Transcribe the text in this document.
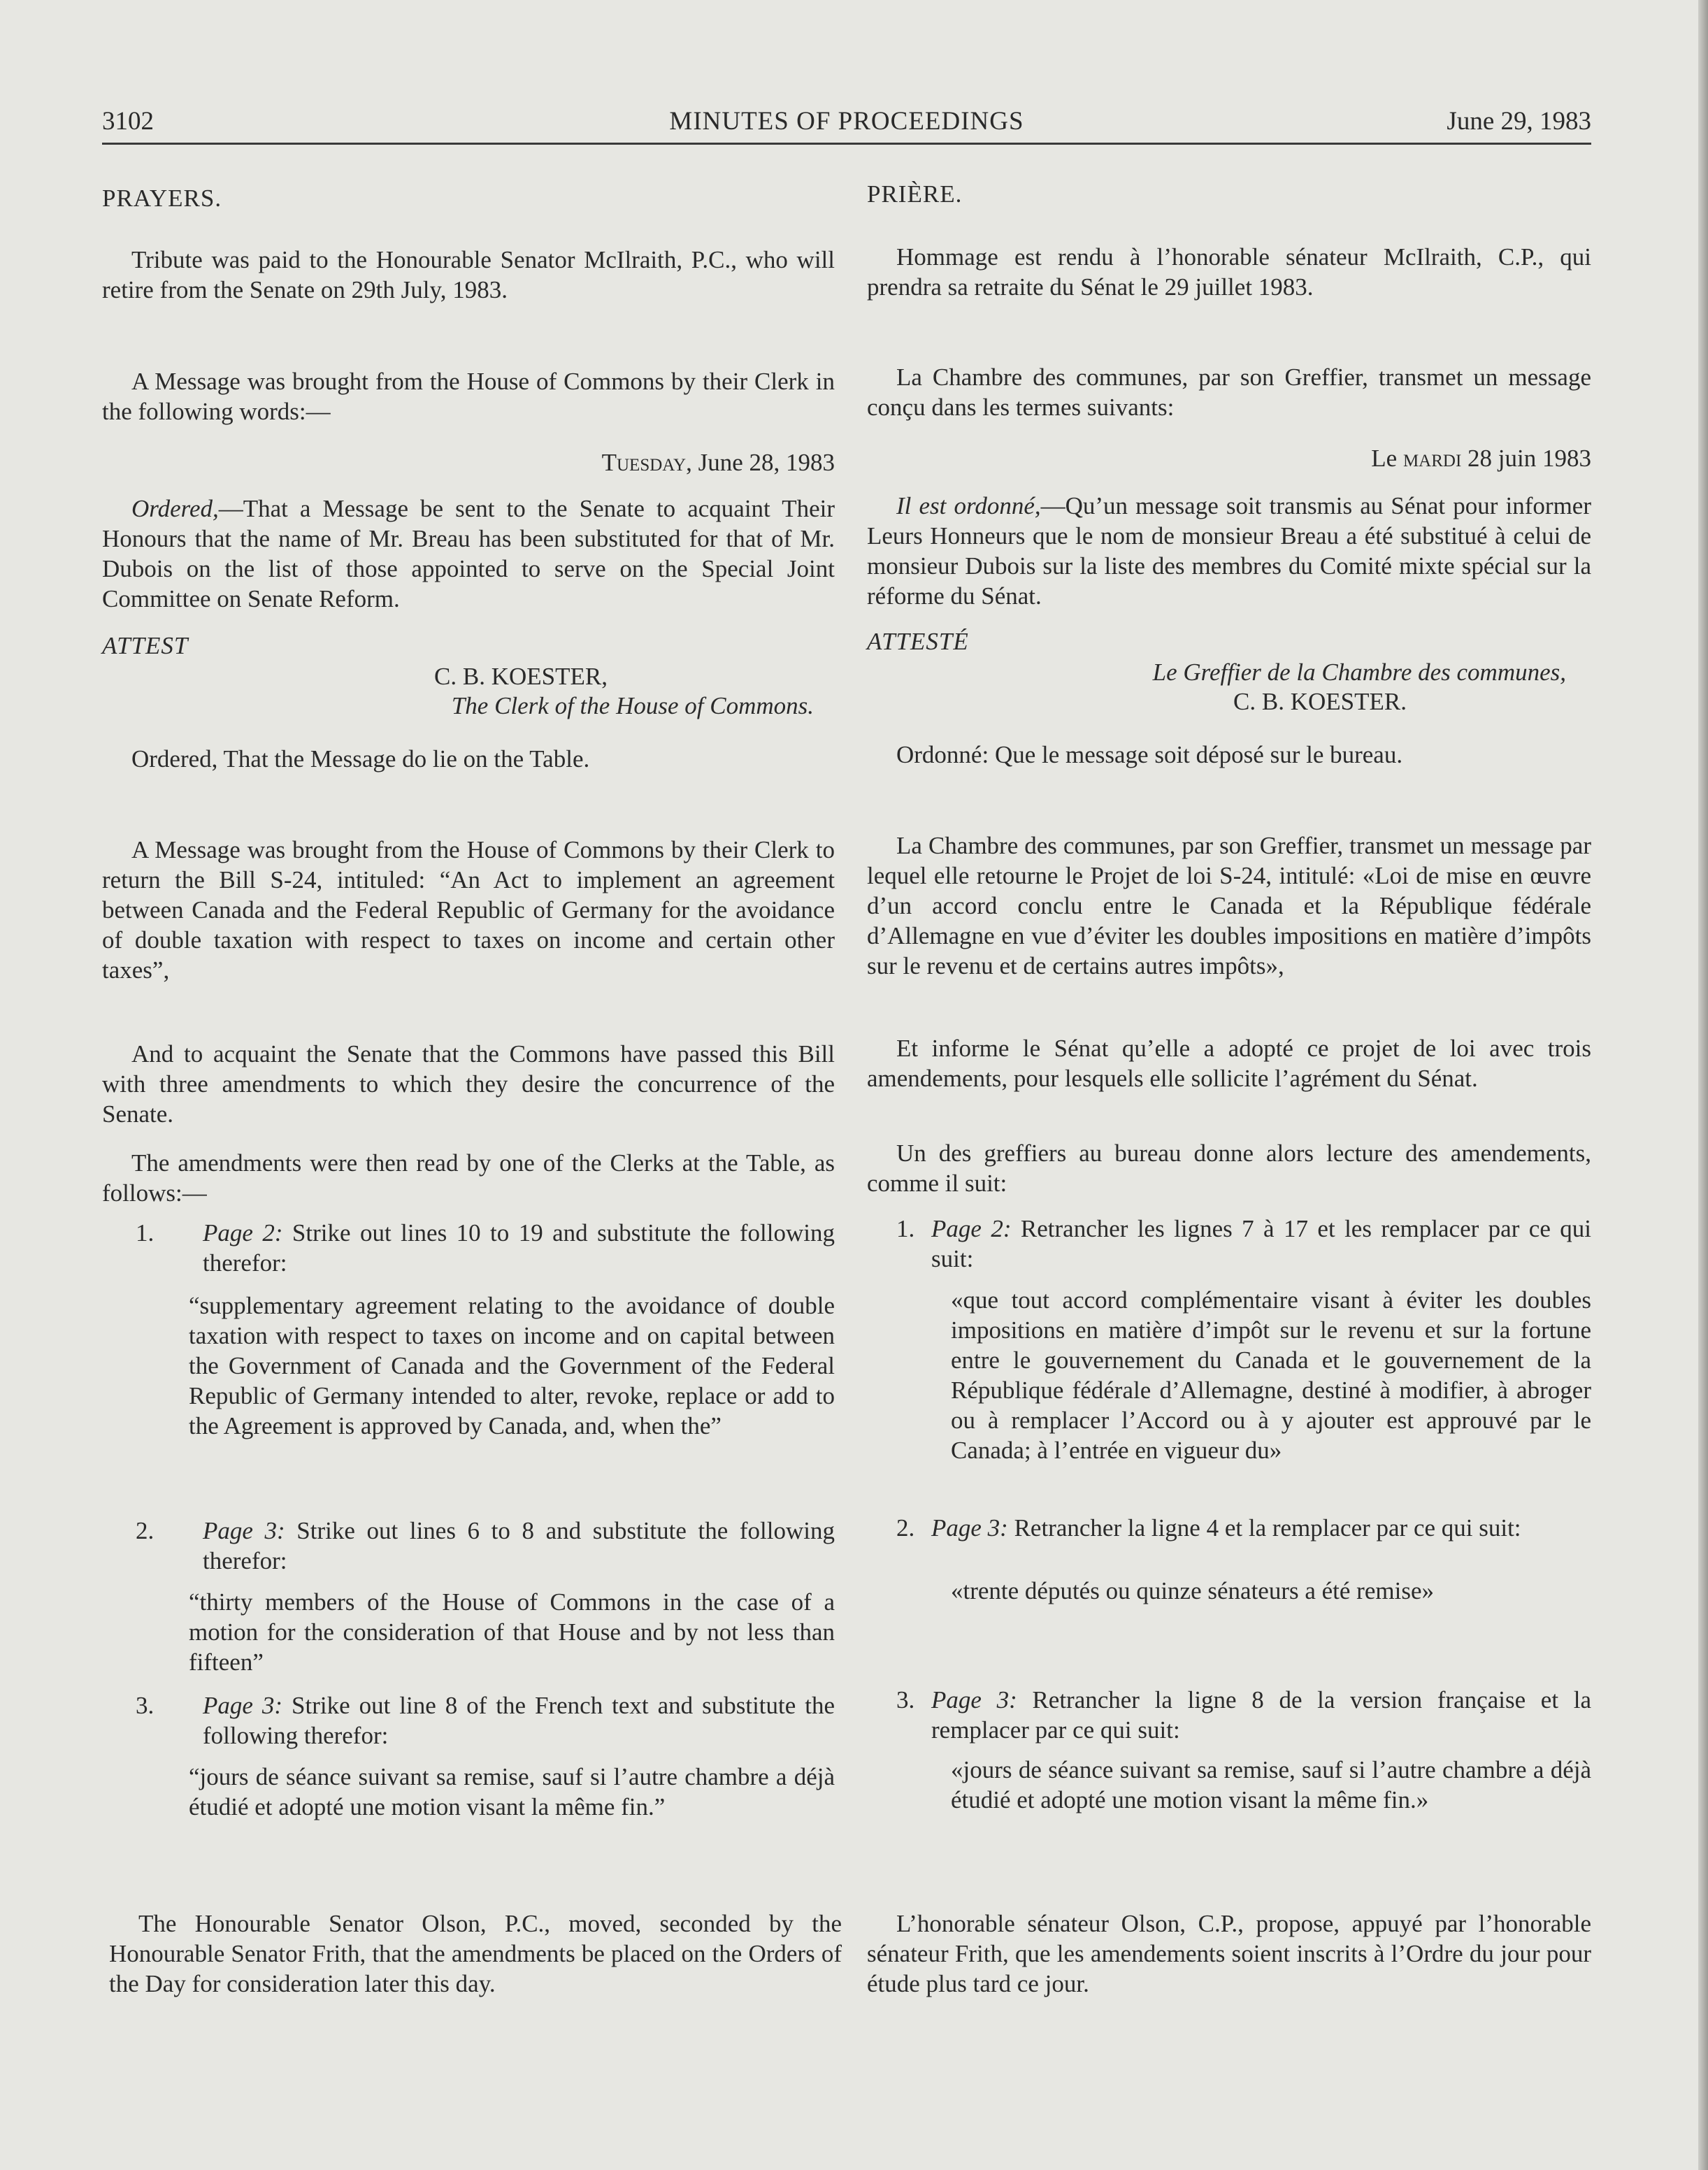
3102	MINUTES OF PROCEEDINGS	June 29, 1983

PRAYERS.

Tribute was paid to the Honourable Senator McIlraith, P.C., who will retire from the Senate on 29th July, 1983.

A Message was brought from the House of Commons by their Clerk in the following words:—

Tuesday, June 28, 1983

Ordered,—That a Message be sent to the Senate to acquaint Their Honours that the name of Mr. Breau has been substituted for that of Mr. Dubois on the list of those appointed to serve on the Special Joint Committee on Senate Reform.

ATTEST

C. B. KOESTER,

The Clerk of the House of Commons.

Ordered, That the Message do lie on the Table.

A Message was brought from the House of Commons by their Clerk to return the Bill S-24, intituled: “An Act to implement an agreement between Canada and the Federal Republic of Germany for the avoidance of double taxation with respect to taxes on income and certain other taxes”,

And to acquaint the Senate that the Commons have passed this Bill with three amendments to which they desire the concurrence of the Senate.

The amendments were then read by one of the Clerks at the Table, as follows:—

1. Page 2: Strike out lines 10 to 19 and substitute the following therefor:

“supplementary agreement relating to the avoidance of double taxation with respect to taxes on income and on capital between the Government of Canada and the Government of the Federal Republic of Germany intended to alter, revoke, replace or add to the Agreement is approved by Canada, and, when the”

2. Page 3: Strike out lines 6 to 8 and substitute the following therefor:

“thirty members of the House of Commons in the case of a motion for the consideration of that House and by not less than fifteen”

3. Page 3: Strike out line 8 of the French text and substitute the following therefor:

“jours de séance suivant sa remise, sauf si l’autre chambre a déjà étudié et adopté une motion visant la même fin.”

The Honourable Senator Olson, P.C., moved, seconded by the Honourable Senator Frith, that the amendments be placed on the Orders of the Day for consideration later this day.

PRIÈRE.

Hommage est rendu à l’honorable sénateur McIlraith, C.P., qui prendra sa retraite du Sénat le 29 juillet 1983.

La Chambre des communes, par son Greffier, transmet un message conçu dans les termes suivants:

Le mardi 28 juin 1983

Il est ordonné,—Qu’un message soit transmis au Sénat pour informer Leurs Honneurs que le nom de monsieur Breau a été substitué à celui de monsieur Dubois sur la liste des membres du Comité mixte spécial sur la réforme du Sénat.

ATTESTÉ

Le Greffier de la Chambre des communes,

C. B. KOESTER.

Ordonné: Que le message soit déposé sur le bureau.

La Chambre des communes, par son Greffier, transmet un message par lequel elle retourne le Projet de loi S-24, intitulé: «Loi de mise en œuvre d’un accord conclu entre le Canada et la République fédérale d’Allemagne en vue d’éviter les doubles impositions en matière d’impôts sur le revenu et de certains autres impôts»,

Et informe le Sénat qu’elle a adopté ce projet de loi avec trois amendements, pour lesquels elle sollicite l’agrément du Sénat.

Un des greffiers au bureau donne alors lecture des amendements, comme il suit:

1. Page 2: Retrancher les lignes 7 à 17 et les remplacer par ce qui suit:

«que tout accord complémentaire visant à éviter les doubles impositions en matière d’impôt sur le revenu et sur la fortune entre le gouvernement du Canada et le gouvernement de la République fédérale d’Allemagne, destiné à modifier, à abroger ou à remplacer l’Accord ou à y ajouter est approuvé par le Canada; à l’entrée en vigueur du»

2. Page 3: Retrancher la ligne 4 et la remplacer par ce qui suit:

«trente députés ou quinze sénateurs a été remise»

3. Page 3: Retrancher la ligne 8 de la version française et la remplacer par ce qui suit:

«jours de séance suivant sa remise, sauf si l’autre chambre a déjà étudié et adopté une motion visant la même fin.»

L’honorable sénateur Olson, C.P., propose, appuyé par l’honorable sénateur Frith, que les amendements soient inscrits à l’Ordre du jour pour étude plus tard ce jour.
